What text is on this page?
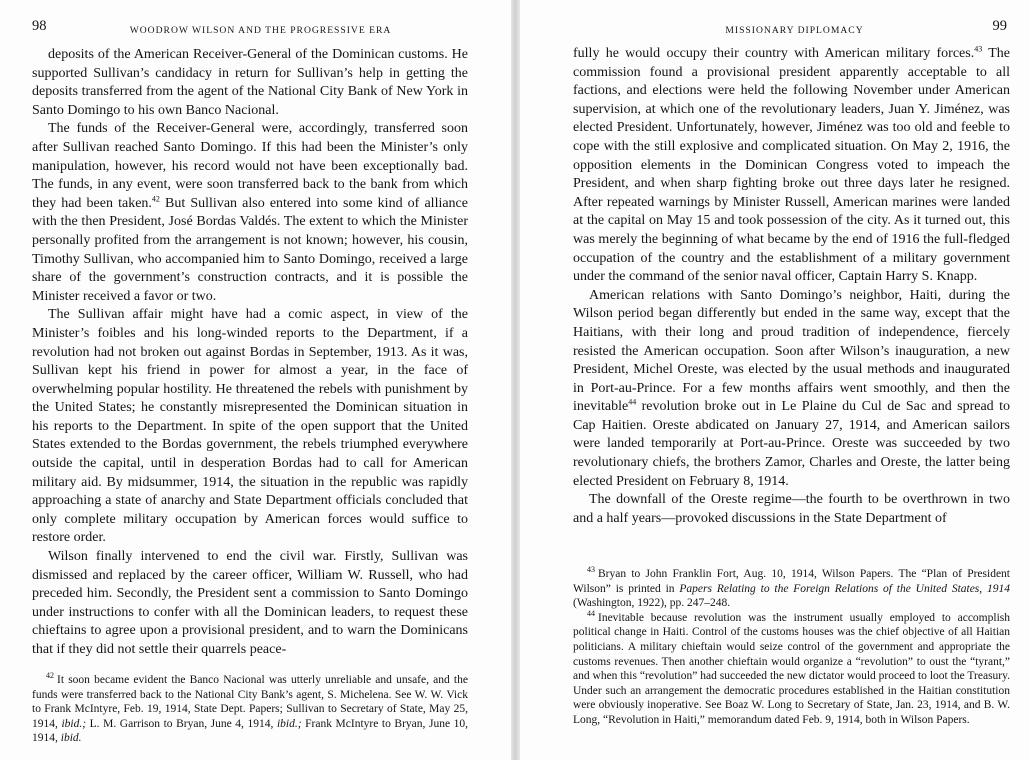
98	WOODROW WILSON AND THE PROGRESSIVE ERA

deposits of the American Receiver-General of the Dominican customs. He supported Sullivan’s candidacy in return for Sullivan’s help in getting the deposits transferred from the agent of the National City Bank of New York in Santo Domingo to his own Banco Nacional.

The funds of the Receiver-General were, accordingly, transferred soon after Sullivan reached Santo Domingo. If this had been the Minister’s only manipulation, however, his record would not have been exceptionally bad. The funds, in any event, were soon transferred back to the bank from which they had been taken.$^{42}$ But Sullivan also entered into some kind of alliance with the then President, José Bordas Valdés. The extent to which the Minister personally profited from the arrangement is not known; however, his cousin, Timothy Sullivan, who accompanied him to Santo Domingo, received a large share of the government’s construction contracts, and it is possible the Minister received a favor or two.

The Sullivan affair might have had a comic aspect, in view of the Minister’s foibles and his long-winded reports to the Department, if a revolution had not broken out against Bordas in September, 1913. As it was, Sullivan kept his friend in power for almost a year, in the face of overwhelming popular hostility. He threatened the rebels with punishment by the United States; he constantly misrepresented the Dominican situation in his reports to the Department. In spite of the open support that the United States extended to the Bordas government, the rebels triumphed everywhere outside the capital, until in desperation Bordas had to call for American military aid. By midsummer, 1914, the situation in the republic was rapidly approaching a state of anarchy and State Department officials concluded that only complete military occupation by American forces would suffice to restore order.

Wilson finally intervened to end the civil war. Firstly, Sullivan was dismissed and replaced by the career officer, William W. Russell, who had preceded him. Secondly, the President sent a commission to Santo Domingo under instructions to confer with all the Dominican leaders, to request these chieftains to agree upon a provisional president, and to warn the Dominicans that if they did not settle their quarrels peace-

$^{42}$ It soon became evident the Banco Nacional was utterly unreliable and unsafe, and the funds were transferred back to the National City Bank’s agent, S. Michelena. See W. W. Vick to Frank McIntyre, Feb. 19, 1914, State Dept. Papers; Sullivan to Secretary of State, May 25, 1914, ibid.; L. M. Garrison to Bryan, June 4, 1914, ibid.; Frank McIntyre to Bryan, June 10, 1914, ibid.

MISSIONARY DIPLOMACY	99

fully he would occupy their country with American military forces.$^{43}$ The commission found a provisional president apparently acceptable to all factions, and elections were held the following November under American supervision, at which one of the revolutionary leaders, Juan Y. Jiménez, was elected President. Unfortunately, however, Jiménez was too old and feeble to cope with the still explosive and complicated situation. On May 2, 1916, the opposition elements in the Dominican Congress voted to impeach the President, and when sharp fighting broke out three days later he resigned. After repeated warnings by Minister Russell, American marines were landed at the capital on May 15 and took possession of the city. As it turned out, this was merely the beginning of what became by the end of 1916 the full-fledged occupation of the country and the establishment of a military government under the command of the senior naval officer, Captain Harry S. Knapp.

American relations with Santo Domingo’s neighbor, Haiti, during the Wilson period began differently but ended in the same way, except that the Haitians, with their long and proud tradition of independence, fiercely resisted the American occupation. Soon after Wilson’s inauguration, a new President, Michel Oreste, was elected by the usual methods and inaugurated in Port-au-Prince. For a few months affairs went smoothly, and then the inevitable$^{44}$ revolution broke out in Le Plaine du Cul de Sac and spread to Cap Haitien. Oreste abdicated on January 27, 1914, and American sailors were landed temporarily at Port-au-Prince. Oreste was succeeded by two revolutionary chiefs, the brothers Zamor, Charles and Oreste, the latter being elected President on February 8, 1914.

The downfall of the Oreste regime—the fourth to be overthrown in two and a half years—provoked discussions in the State Department of

$^{43}$ Bryan to John Franklin Fort, Aug. 10, 1914, Wilson Papers. The “Plan of President Wilson” is printed in Papers Relating to the Foreign Relations of the United States, 1914 (Washington, 1922), pp. 247–248.

$^{44}$ Inevitable because revolution was the instrument usually employed to accomplish political change in Haiti. Control of the customs houses was the chief objective of all Haitian politicians. A military chieftain would seize control of the government and appropriate the customs revenues. Then another chieftain would organize a “revolution” to oust the “tyrant,” and when this “revolution” had succeeded the new dictator would proceed to loot the Treasury. Under such an arrangement the democratic procedures established in the Haitian constitution were obviously inoperative. See Boaz W. Long to Secretary of State, Jan. 23, 1914, and B. W. Long, “Revolution in Haiti,” memorandum dated Feb. 9, 1914, both in Wilson Papers.
